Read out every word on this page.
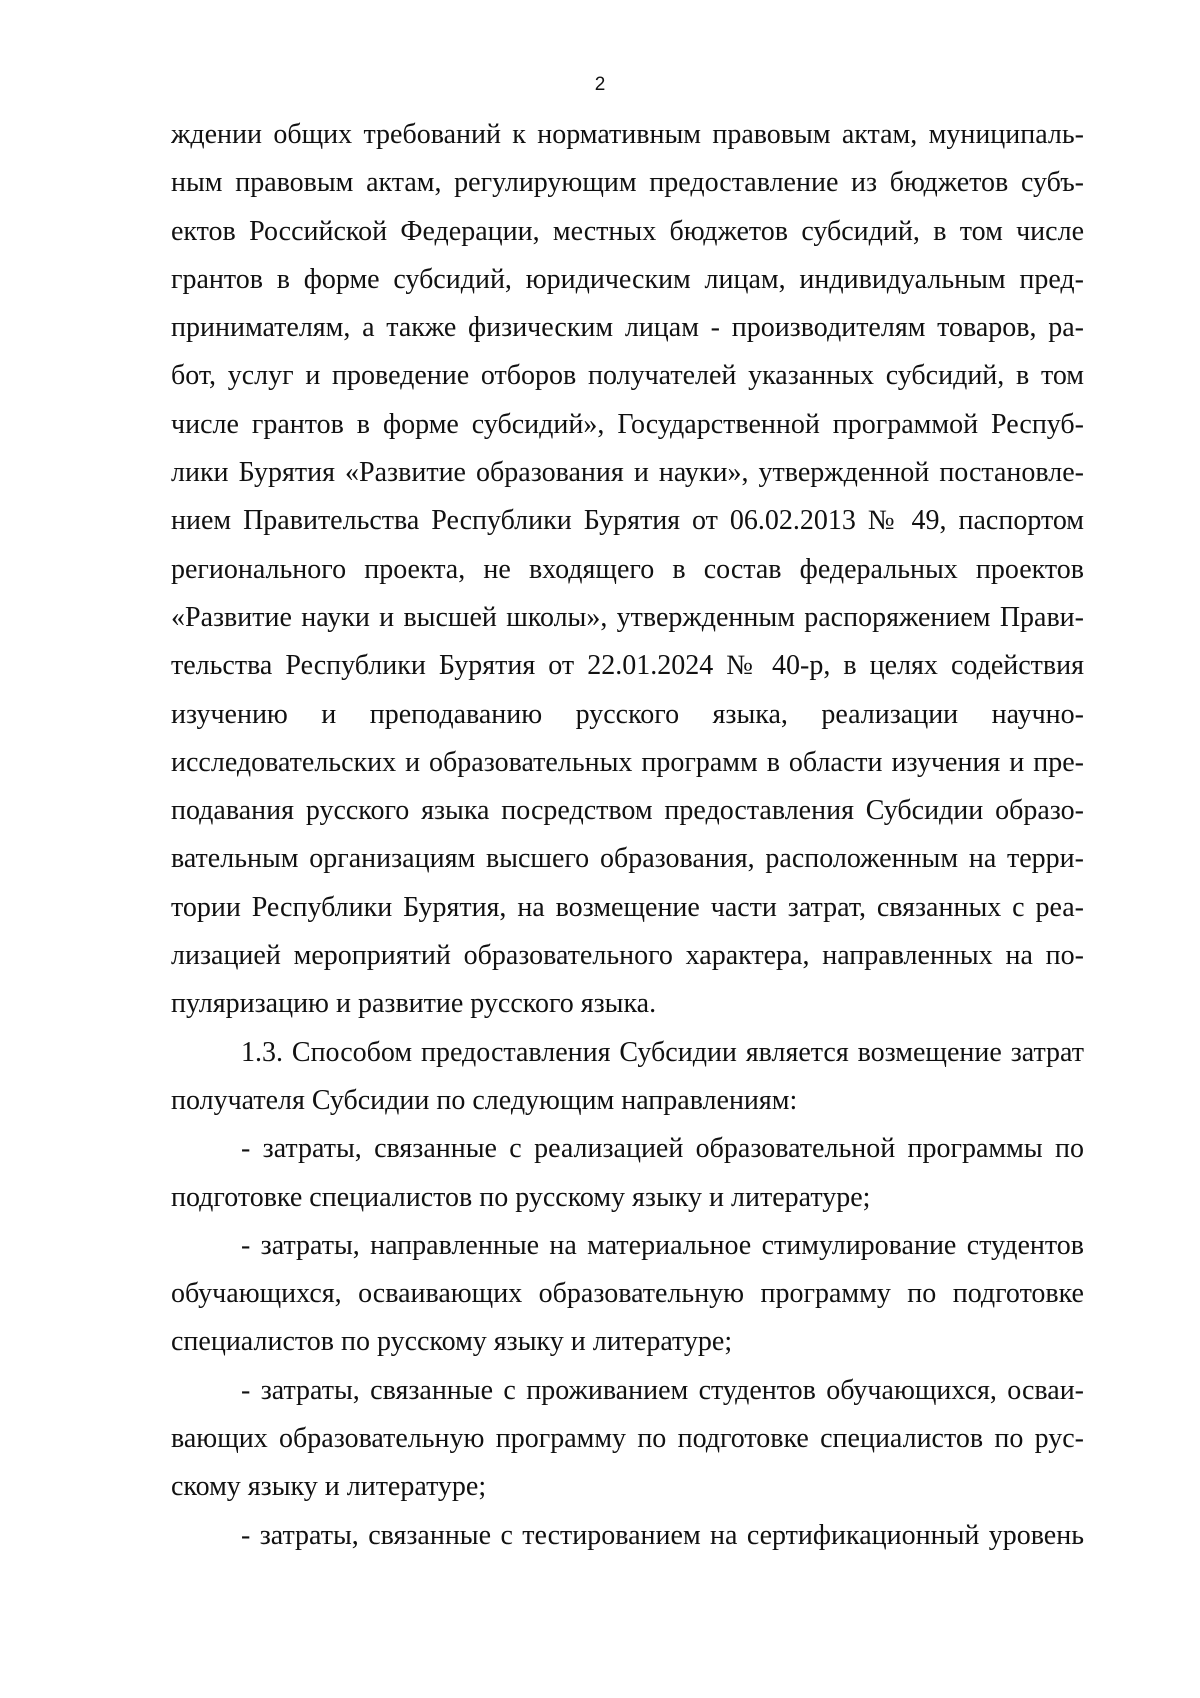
2
ждении общих требований к нормативным правовым актам, муниципаль-
ным правовым актам, регулирующим предоставление из бюджетов субъ-
ектов Российской Федерации, местных бюджетов субсидий, в том числе
грантов в форме субсидий, юридическим лицам, индивидуальным пред-
принимателям, а также физическим лицам - производителям товаров, ра-
бот, услуг и проведение отборов получателей указанных субсидий, в том
числе грантов в форме субсидий», Государственной программой Респуб-
лики Бурятия «Развитие образования и науки», утвержденной постановле-
нием Правительства Республики Бурятия от 06.02.2013 № 49, паспортом
регионального проекта, не входящего в состав федеральных проектов
«Развитие науки и высшей школы», утвержденным распоряжением Прави-
тельства Республики Бурятия от 22.01.2024 № 40-р, в целях содействия
изучению и преподаванию русского языка, реализации научно-
исследовательских и образовательных программ в области изучения и пре-
подавания русского языка посредством предоставления Субсидии образо-
вательным организациям высшего образования, расположенным на терри-
тории Республики Бурятия, на возмещение части затрат, связанных с реа-
лизацией мероприятий образовательного характера, направленных на по-
пуляризацию и развитие русского языка.
1.3. Способом предоставления Субсидии является возмещение затрат
получателя Субсидии по следующим направлениям:
- затраты, связанные с реализацией образовательной программы по
подготовке специалистов по русскому языку и литературе;
- затраты, направленные на материальное стимулирование студентов
обучающихся, осваивающих образовательную программу по подготовке
специалистов по русскому языку и литературе;
- затраты, связанные с проживанием студентов обучающихся, осваи-
вающих образовательную программу по подготовке специалистов по рус-
скому языку и литературе;
- затраты, связанные с тестированием на сертификационный уровень
